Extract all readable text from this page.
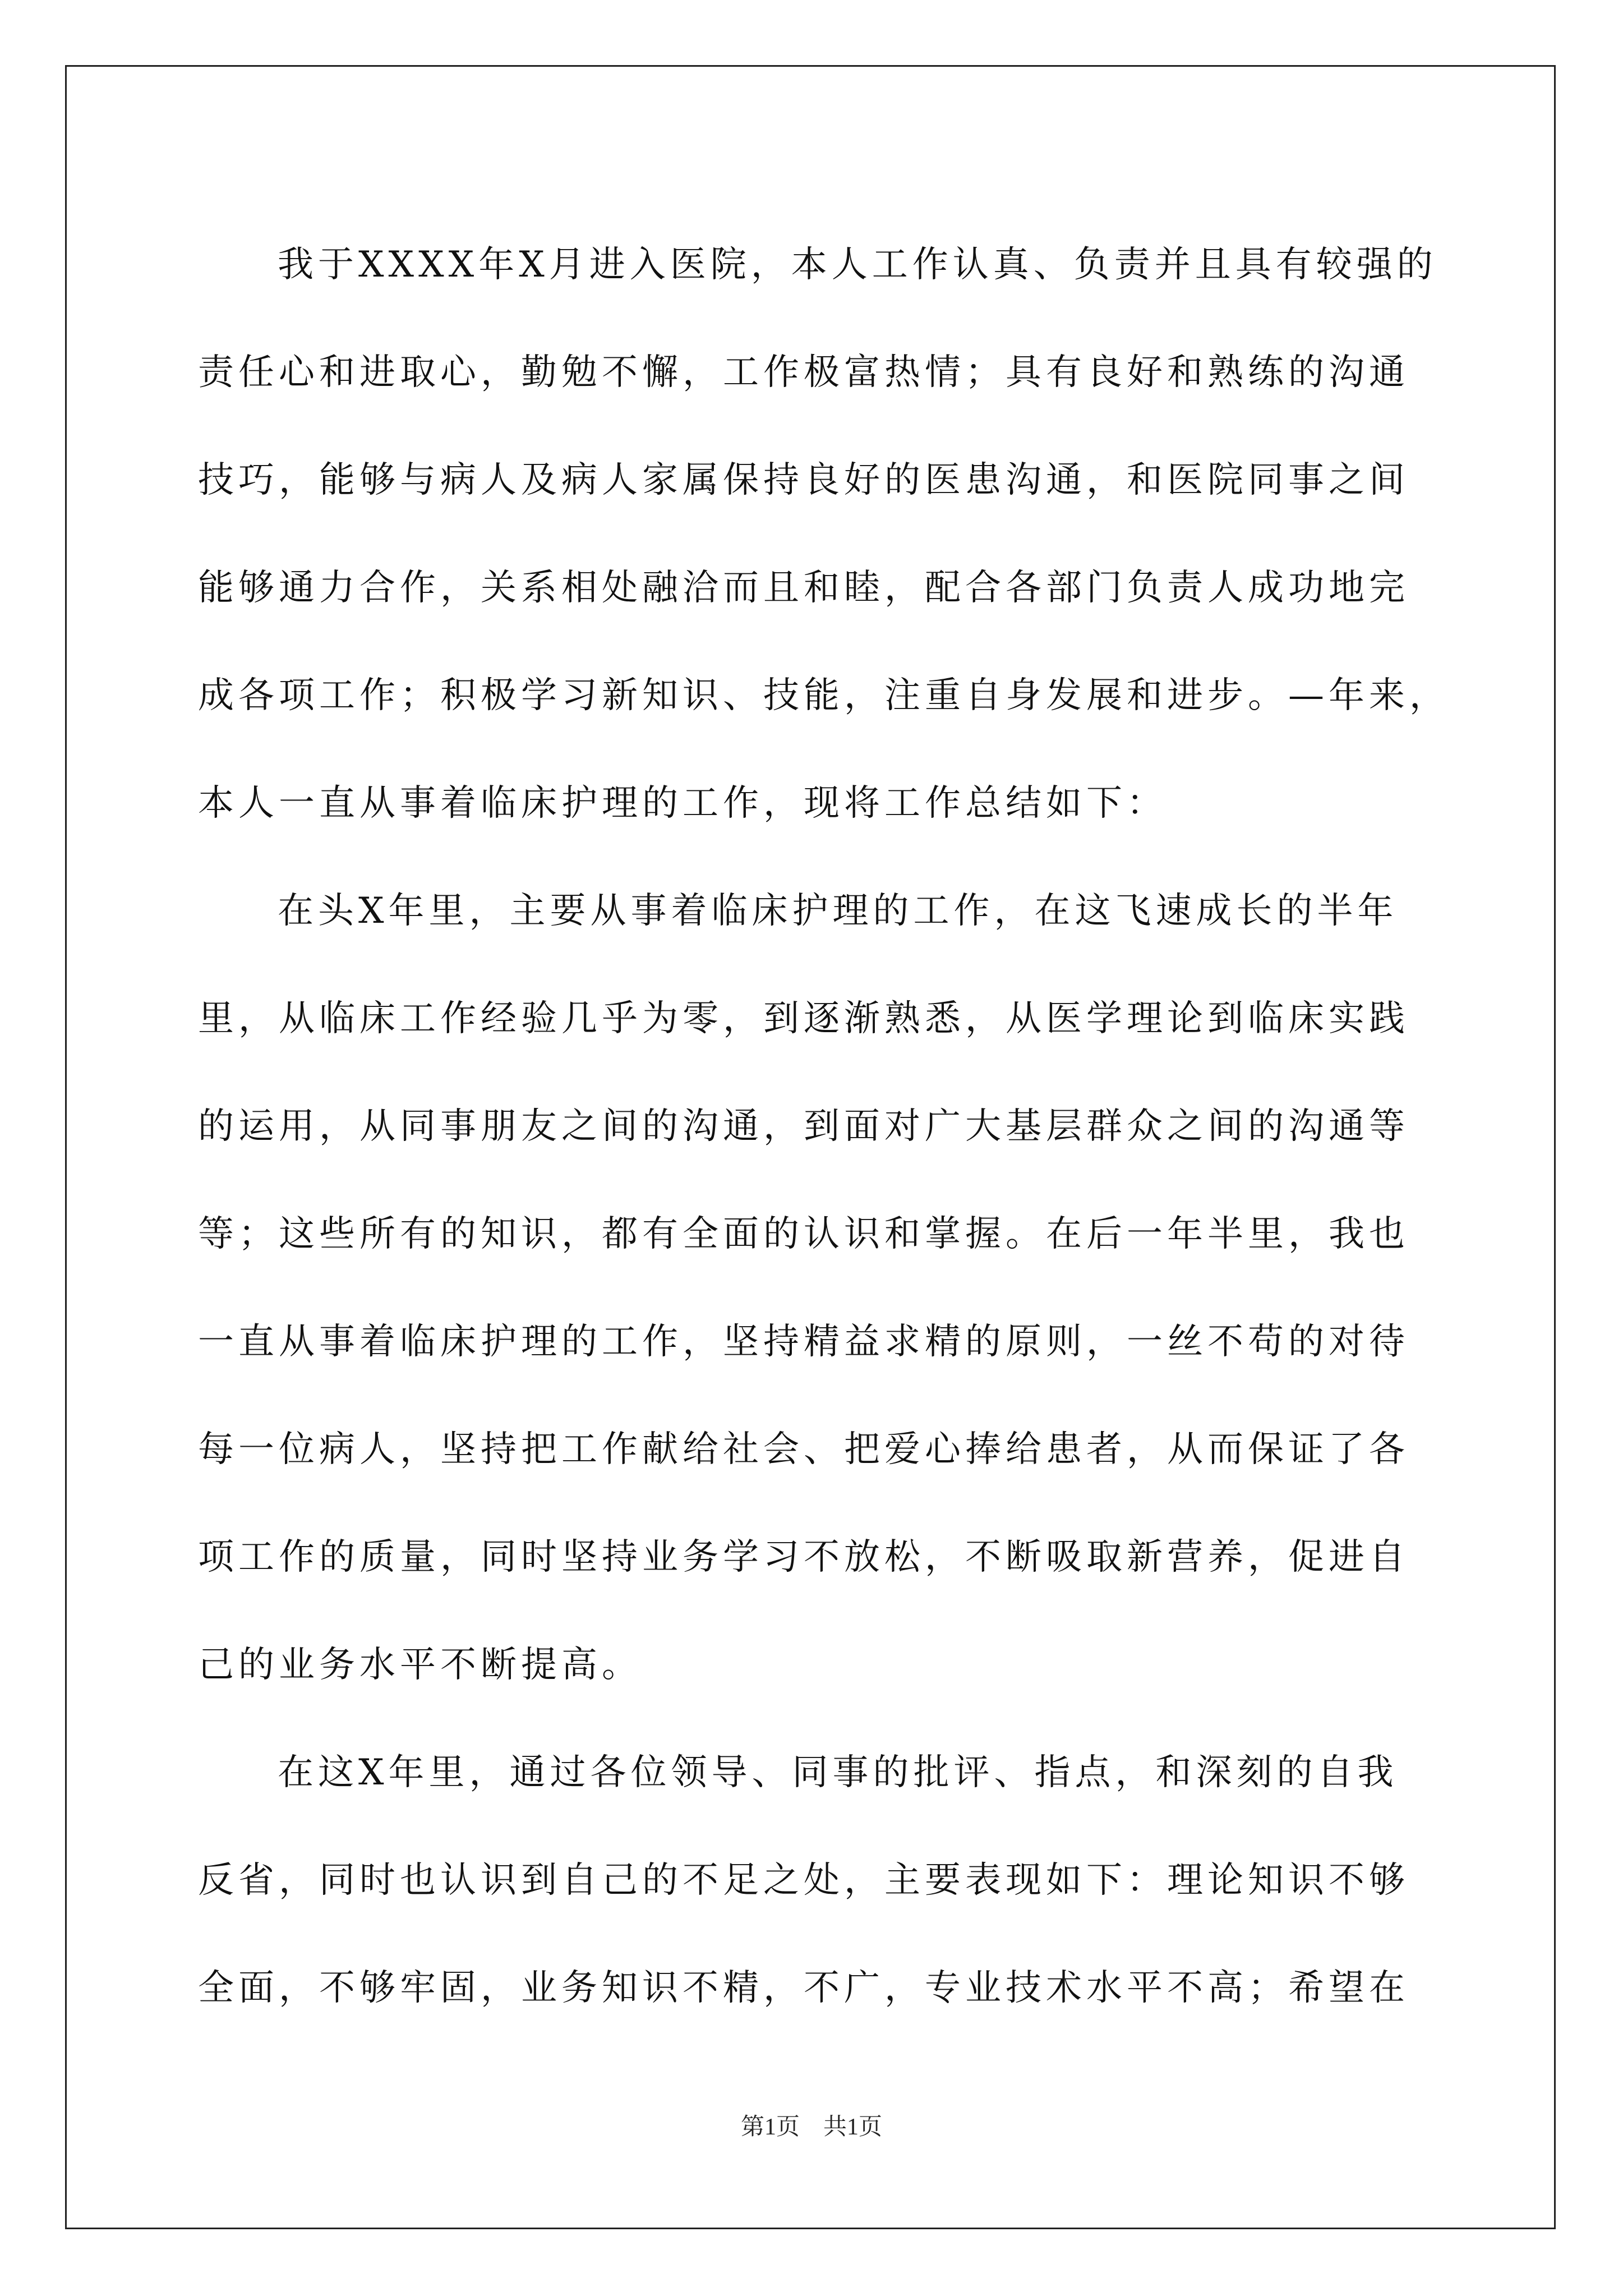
我于XXXX年X月进入医院，本人工作认真、负责并且具有较强的
责任心和进取心，勤勉不懈，工作极富热情；具有良好和熟练的沟通
技巧，能够与病人及病人家属保持良好的医患沟通，和医院同事之间
能够通力合作，关系相处融洽而且和睦，配合各部门负责人成功地完
成各项工作；积极学习新知识、技能，注重自身发展和进步。—年来，
本人一直从事着临床护理的工作，现将工作总结如下：

在头X年里，主要从事着临床护理的工作，在这飞速成长的半年
里，从临床工作经验几乎为零，到逐渐熟悉，从医学理论到临床实践
的运用，从同事朋友之间的沟通，到面对广大基层群众之间的沟通等
等；这些所有的知识，都有全面的认识和掌握。在后一年半里，我也
一直从事着临床护理的工作，坚持精益求精的原则，一丝不苟的对待
每一位病人，坚持把工作献给社会、把爱心捧给患者，从而保证了各
项工作的质量，同时坚持业务学习不放松，不断吸取新营养，促进自
己的业务水平不断提高。

在这X年里，通过各位领导、同事的批评、指点，和深刻的自我
反省，同时也认识到自己的不足之处，主要表现如下：理论知识不够
全面，不够牢固，业务知识不精，不广，专业技术水平不高；希望在

第1页　共1页
